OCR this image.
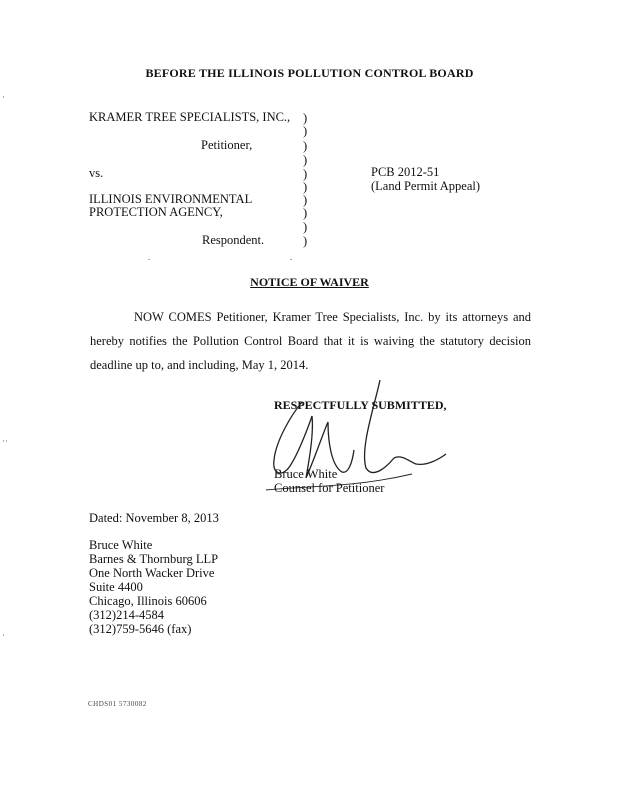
·
··
·
BEFORE THE ILLINOIS POLLUTION CONTROL BOARD
KRAMER TREE SPECIALISTS, INC.,
Petitioner,
vs.
ILLINOIS ENVIRONMENTAL
PROTECTION AGENCY,
Respondent.
)
)
)
)
)
)
)
)
)
)
PCB 2012-51
(Land Permit Appeal)
.	.
NOTICE OF WAIVER
NOW COMES Petitioner, Kramer Tree Specialists, Inc. by its attorneys and hereby notifies the Pollution Control Board that it is waiving the statutory decision deadline up to, and including, May 1, 2014.
RESPECTFULLY SUBMITTED,
Bruce White
Counsel for Petitioner
Dated: November 8, 2013
Bruce White
Barnes & Thornburg LLP
One North Wacker Drive
Suite 4400
Chicago, Illinois 60606
(312)214-4584
(312)759-5646 (fax)
CHDS01 5730082
